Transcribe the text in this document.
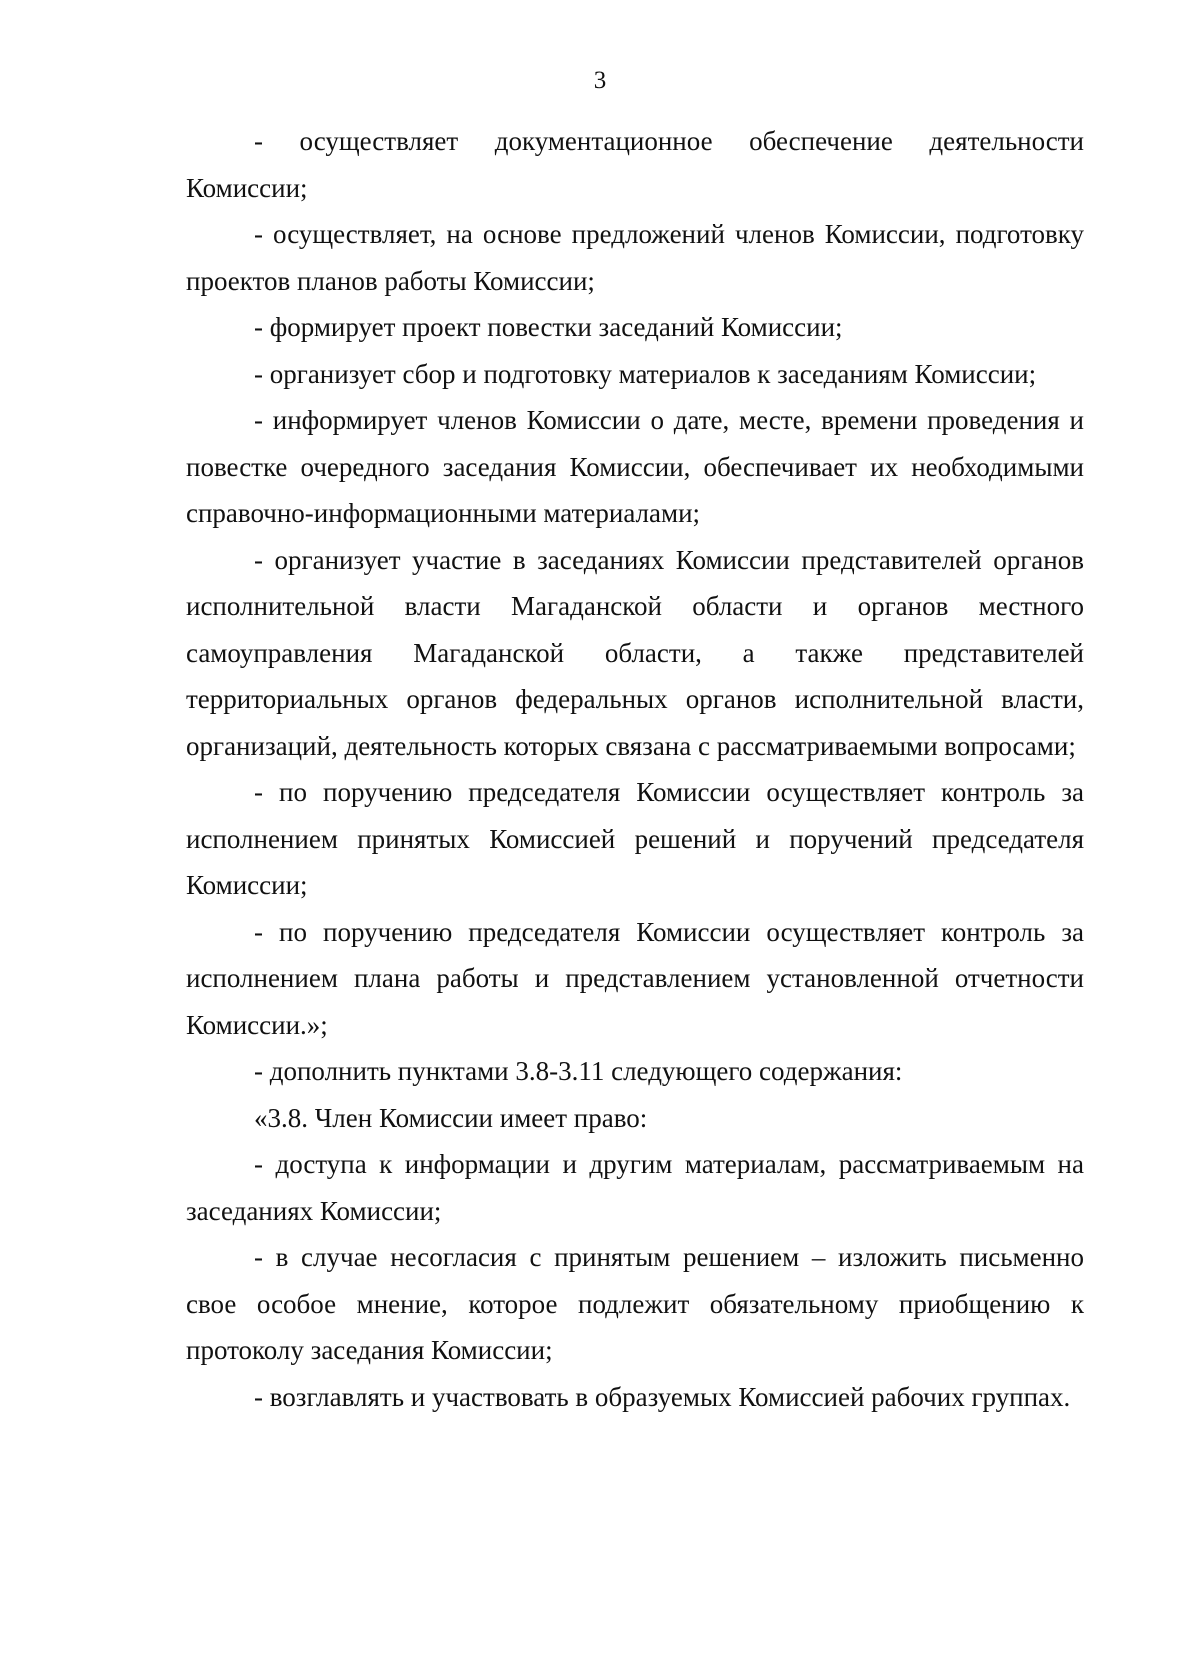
3

- осуществляет документационное обеспечение деятельности Комиссии;

- осуществляет, на основе предложений членов Комиссии, подготовку проектов планов работы Комиссии;

- формирует проект повестки заседаний Комиссии;

- организует сбор и подготовку материалов к заседаниям Комиссии;

- информирует членов Комиссии о дате, месте, времени проведения и повестке очередного заседания Комиссии, обеспечивает их необходимыми справочно-информационными материалами;

- организует участие в заседаниях Комиссии представителей органов исполнительной власти Магаданской области и органов местного самоуправления Магаданской области, а также представителей территориальных органов федеральных органов исполнительной власти, организаций, деятельность которых связана с рассматриваемыми вопросами;

- по поручению председателя Комиссии осуществляет контроль за исполнением принятых Комиссией решений и поручений председателя Комиссии;

- по поручению председателя Комиссии осуществляет контроль за исполнением плана работы и представлением установленной отчетности Комиссии.»;

- дополнить пунктами 3.8-3.11 следующего содержания:

«3.8. Член Комиссии имеет право:

- доступа к информации и другим материалам, рассматриваемым на заседаниях Комиссии;

- в случае несогласия с принятым решением – изложить письменно свое особое мнение, которое подлежит обязательному приобщению к протоколу заседания Комиссии;

- возглавлять и участвовать в образуемых Комиссией рабочих группах.
